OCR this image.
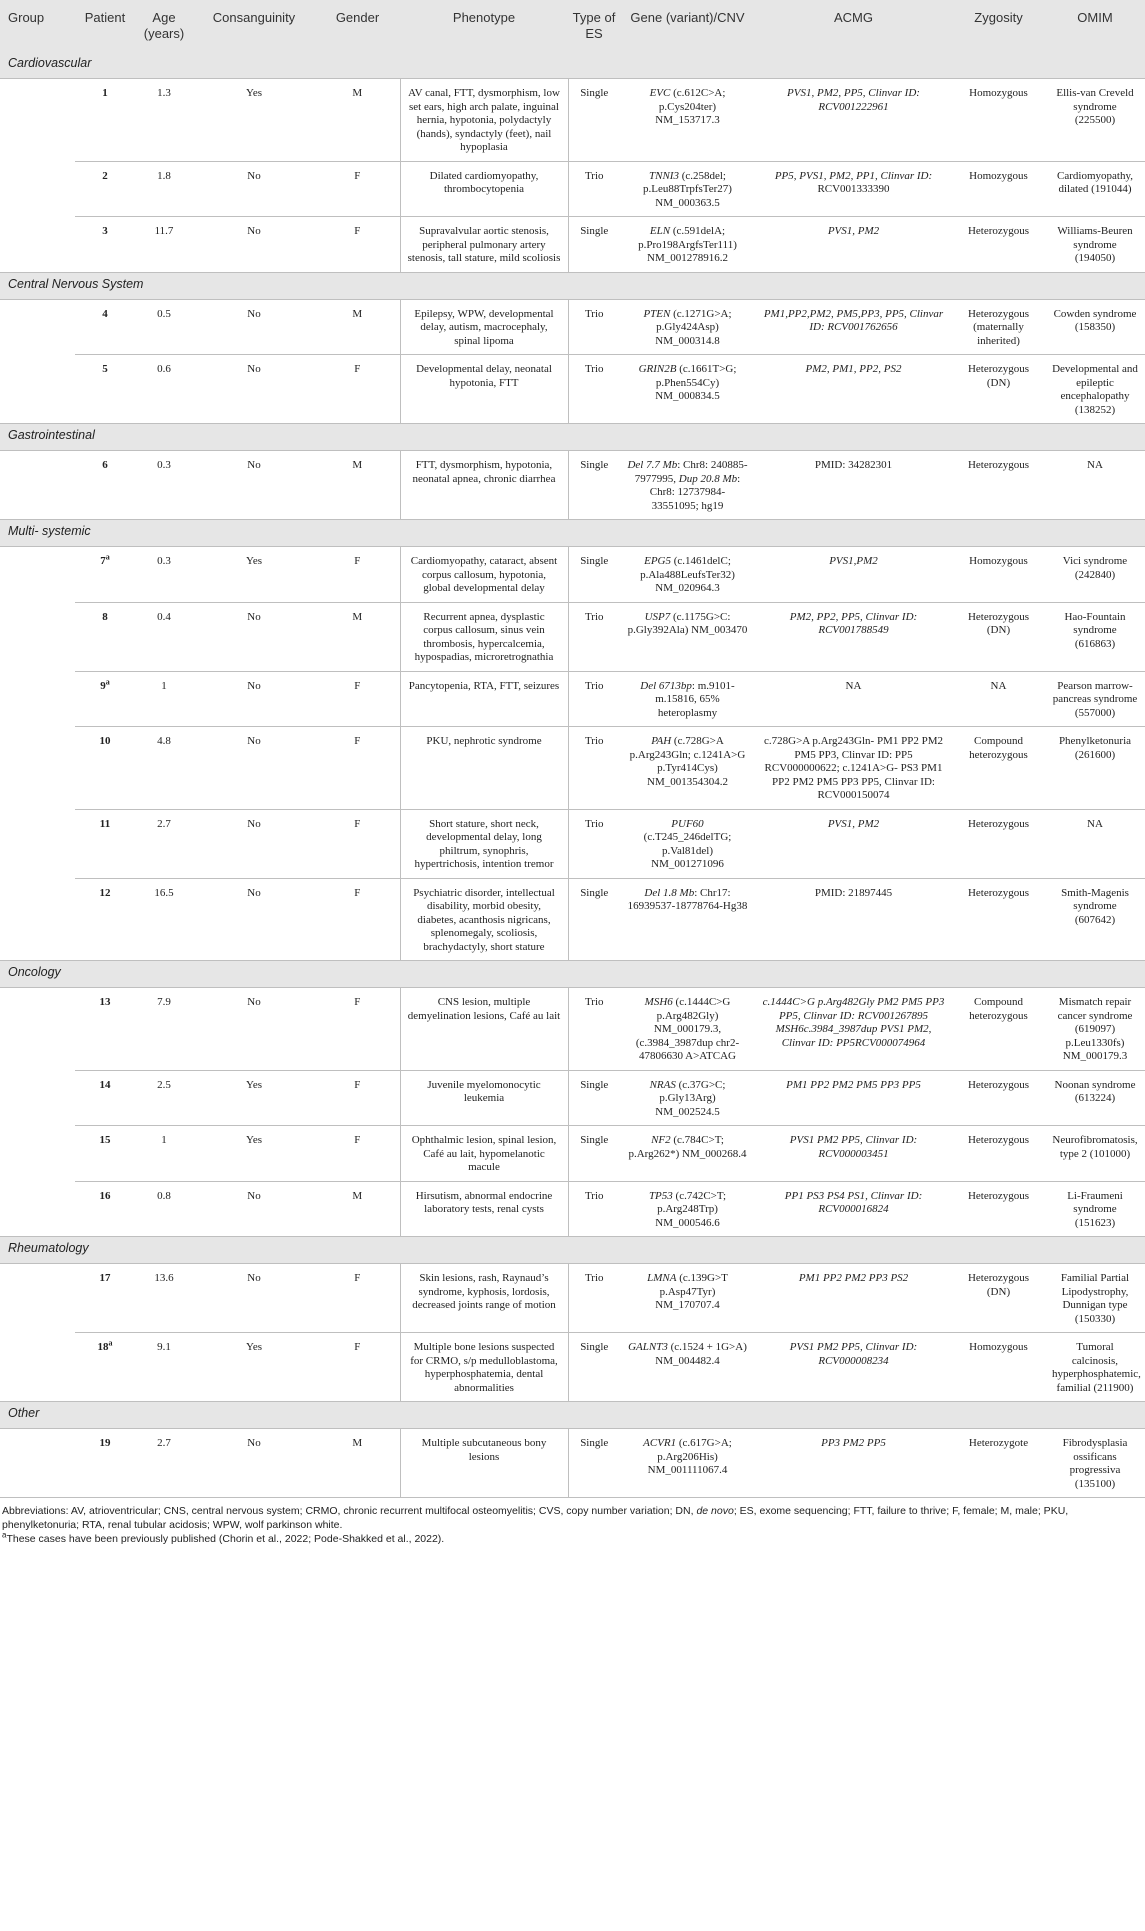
Group	Patient	Age (years)	Consanguinity	Gender	Phenotype	Type of ES	Gene (variant)/CNV	ACMG	Zygosity	OMIM
Cardiovascular										
	1	1.3	Yes	M	AV canal, FTT, dysmorphism, low set ears, high arch palate, inguinal hernia, hypotonia, polydactyly (hands), syndactyly (feet), nail hypoplasia	Single	EVC (c.612C>A; p.Cys204ter) NM_153717.3	PVS1, PM2, PP5, Clinvar ID: RCV001222961	Homozygous	Ellis-van Creveld syndrome (225500)
	2	1.8	No	F	Dilated cardiomyopathy, thrombocytopenia	Trio	TNNI3 (c.258del; p.Leu88TrpfsTer27) NM_000363.5	PP5, PVS1, PM2, PP1, Clinvar ID: RCV001333390	Homozygous	Cardiomyopathy, dilated (191044)
	3	11.7	No	F	Supravalvular aortic stenosis, peripheral pulmonary artery stenosis, tall stature, mild scoliosis	Single	ELN (c.591delA; p.Pro198ArgfsTer111) NM_001278916.2	PVS1, PM2	Heterozygous	Williams-Beuren syndrome (194050)
Central Nervous System										
	4	0.5	No	M	Epilepsy, WPW, developmental delay, autism, macrocephaly, spinal lipoma	Trio	PTEN (c.1271G>A; p.Gly424Asp) NM_000314.8	PM1,PP2,PM2, PM5,PP3, PP5, Clinvar ID: RCV001762656	Heterozygous (maternally inherited)	Cowden syndrome (158350)
	5	0.6	No	F	Developmental delay, neonatal hypotonia, FTT	Trio	GRIN2B (c.1661T>G; p.Phen554Cy) NM_000834.5	PM2, PM1, PP2, PS2	Heterozygous (DN)	Developmental and epileptic encephalopathy (138252)
Gastrointestinal										
	6	0.3	No	M	FTT, dysmorphism, hypotonia, neonatal apnea, chronic diarrhea	Single	Del 7.7 Mb: Chr8: 240885-7977995, Dup 20.8 Mb: Chr8: 12737984-33551095; hg19	PMID: 34282301	Heterozygous	NA
Multi- systemic										
	7$^a$	0.3	Yes	F	Cardiomyopathy, cataract, absent corpus callosum, hypotonia, global developmental delay	Single	EPG5 (c.1461delC; p.Ala488LeufsTer32) NM_020964.3	PVS1,PM2	Homozygous	Vici syndrome (242840)
	8	0.4	No	M	Recurrent apnea, dysplastic corpus callosum, sinus vein thrombosis, hypercalcemia, hypospadias, microretrognathia	Trio	USP7 (c.1175G>C: p.Gly392Ala) NM_003470	PM2, PP2, PP5, Clinvar ID: RCV001788549	Heterozygous (DN)	Hao-Fountain syndrome (616863)
	9$^a$	1	No	F	Pancytopenia, RTA, FTT, seizures	Trio	Del 6713bp: m.9101-m.15816, 65% heteroplasmy	NA	NA	Pearson marrow-pancreas syndrome (557000)
	10	4.8	No	F	PKU, nephrotic syndrome	Trio	PAH (c.728G>A p.Arg243Gln; c.1241A>G p.Tyr414Cys) NM_001354304.2	c.728G>A p.Arg243Gln- PM1 PP2 PM2 PM5 PP3, Clinvar ID: PP5 RCV000000622; c.1241A>G- PS3 PM1 PP2 PM2 PM5 PP3 PP5, Clinvar ID: RCV000150074	Compound heterozygous	Phenylketonuria (261600)
	11	2.7	No	F	Short stature, short neck, developmental delay, long philtrum, synophris, hypertrichosis, intention tremor	Trio	PUF60 (c.T245_246delTG; p.Val81del) NM_001271096	PVS1, PM2	Heterozygous	NA
	12	16.5	No	F	Psychiatric disorder, intellectual disability, morbid obesity, diabetes, acanthosis nigricans, splenomegaly, scoliosis, brachydactyly, short stature	Single	Del 1.8 Mb: Chr17: 16939537-18778764-Hg38	PMID: 21897445	Heterozygous	Smith-Magenis syndrome (607642)
Oncology										
	13	7.9	No	F	CNS lesion, multiple demyelination lesions, Café au lait	Trio	MSH6 (c.1444C>G p.Arg482Gly) NM_000179.3, (c.3984_3987dup chr2-47806630 A>ATCAG	c.1444C>G p.Arg482Gly PM2 PM5 PP3 PP5, Clinvar ID: RCV001267895 MSH6c.3984_3987dup PVS1 PM2, Clinvar ID: PP5RCV000074964	Compound heterozygous	Mismatch repair cancer syndrome (619097) p.Leu1330fs) NM_000179.3
	14	2.5	Yes	F	Juvenile myelomonocytic leukemia	Single	NRAS (c.37G>C; p.Gly13Arg) NM_002524.5	PM1 PP2 PM2 PM5 PP3 PP5	Heterozygous	Noonan syndrome (613224)
	15	1	Yes	F	Ophthalmic lesion, spinal lesion, Café au lait, hypomelanotic macule	Single	NF2 (c.784C>T; p.Arg262*) NM_000268.4	PVS1 PM2 PP5, Clinvar ID: RCV000003451	Heterozygous	Neurofibromatosis, type 2 (101000)
	16	0.8	No	M	Hirsutism, abnormal endocrine laboratory tests, renal cysts	Trio	TP53 (c.742C>T; p.Arg248Trp) NM_000546.6	PP1 PS3 PS4 PS1, Clinvar ID: RCV000016824	Heterozygous	Li-Fraumeni syndrome (151623)
Rheumatology										
	17	13.6	No	F	Skin lesions, rash, Raynaud’s syndrome, kyphosis, lordosis, decreased joints range of motion	Trio	LMNA (c.139G>T p.Asp47Tyr) NM_170707.4	PM1 PP2 PM2 PP3 PS2	Heterozygous (DN)	Familial Partial Lipodystrophy, Dunnigan type (150330)
	18$^a$	9.1	Yes	F	Multiple bone lesions suspected for CRMO, s/p medulloblastoma, hyperphosphatemia, dental abnormalities	Single	GALNT3 (c.1524 + 1G>A) NM_004482.4	PVS1 PM2 PP5, Clinvar ID: RCV000008234	Homozygous	Tumoral calcinosis, hyperphosphatemic, familial (211900)
Other										
	19	2.7	No	M	Multiple subcutaneous bony lesions	Single	ACVR1 (c.617G>A; p.Arg206His) NM_001111067.4	PP3 PM2 PP5	Heterozygote	Fibrodysplasia ossificans progressiva (135100)
Abbreviations: AV, atrioventricular; CNS, central nervous system; CRMO, chronic recurrent multifocal osteomyelitis; CVS, copy number variation; DN, de novo; ES, exome sequencing; FTT, failure to thrive; F, female; M, male; PKU, phenylketonuria; RTA, renal tubular acidosis; WPW, wolf parkinson white.
$^a$These cases have been previously published (Chorin et al., 2022; Pode-Shakked et al., 2022).
